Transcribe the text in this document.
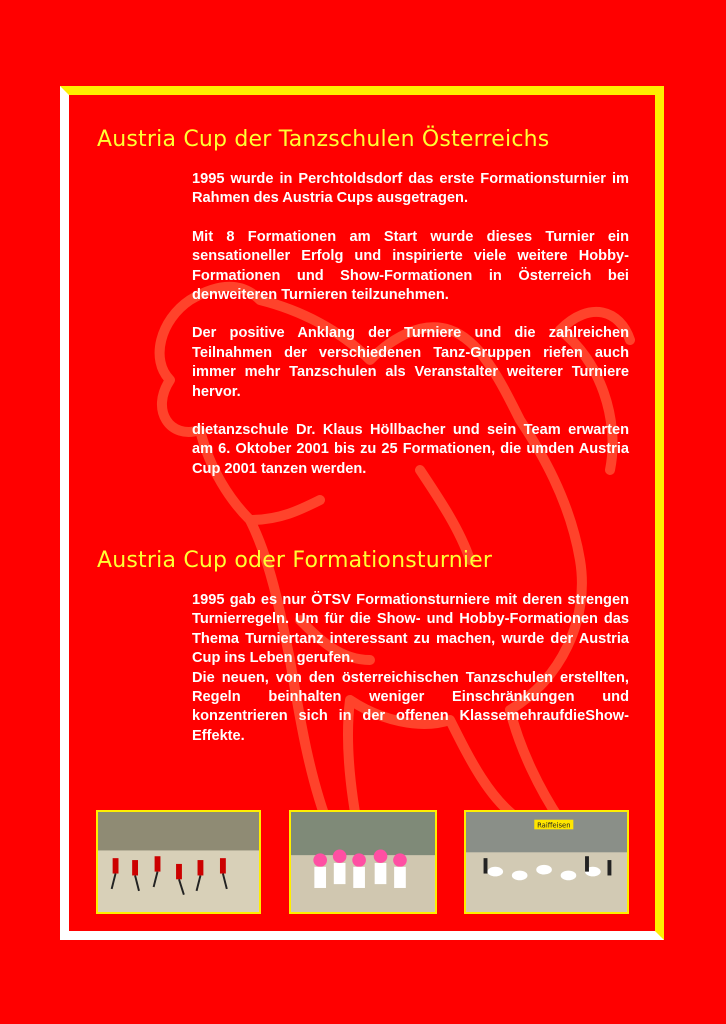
Austria Cup der Tanzschulen Österreichs

1995 wurde in Perchtoldsdorf das erste Formationsturnier im Rahmen des Austria Cups ausgetragen.

Mit 8 Formationen am Start wurde dieses Turnier ein sensationeller Erfolg und inspirierte viele weitere Hobby-Formationen und Show-Formationen in Österreich bei denweiteren Turnieren teilzunehmen.

Der positive Anklang der Turniere und die zahlreichen Teilnahmen der verschiedenen Tanz-Gruppen riefen auch immer mehr Tanzschulen als Veranstalter weiterer Turniere hervor.

dietanzschule Dr. Klaus Höllbacher und sein Team erwarten am 6. Oktober 2001 bis zu 25 Formationen, die umden Austria Cup 2001 tanzen werden.

Austria Cup oder Formationsturnier

1995 gab es nur ÖTSV Formationsturniere mit deren strengen Turnierregeln. Um für die Show- und Hobby-Formationen das Thema Turniertanz interessant zu machen, wurde der Austria Cup ins Leben gerufen.

Die neuen, von den österreichischen Tanzschulen erstellten, Regeln beinhalten weniger Einschränkungen und konzentrieren sich in der offenen KlassemehraufdieShow-Effekte.

Raiffeisen
